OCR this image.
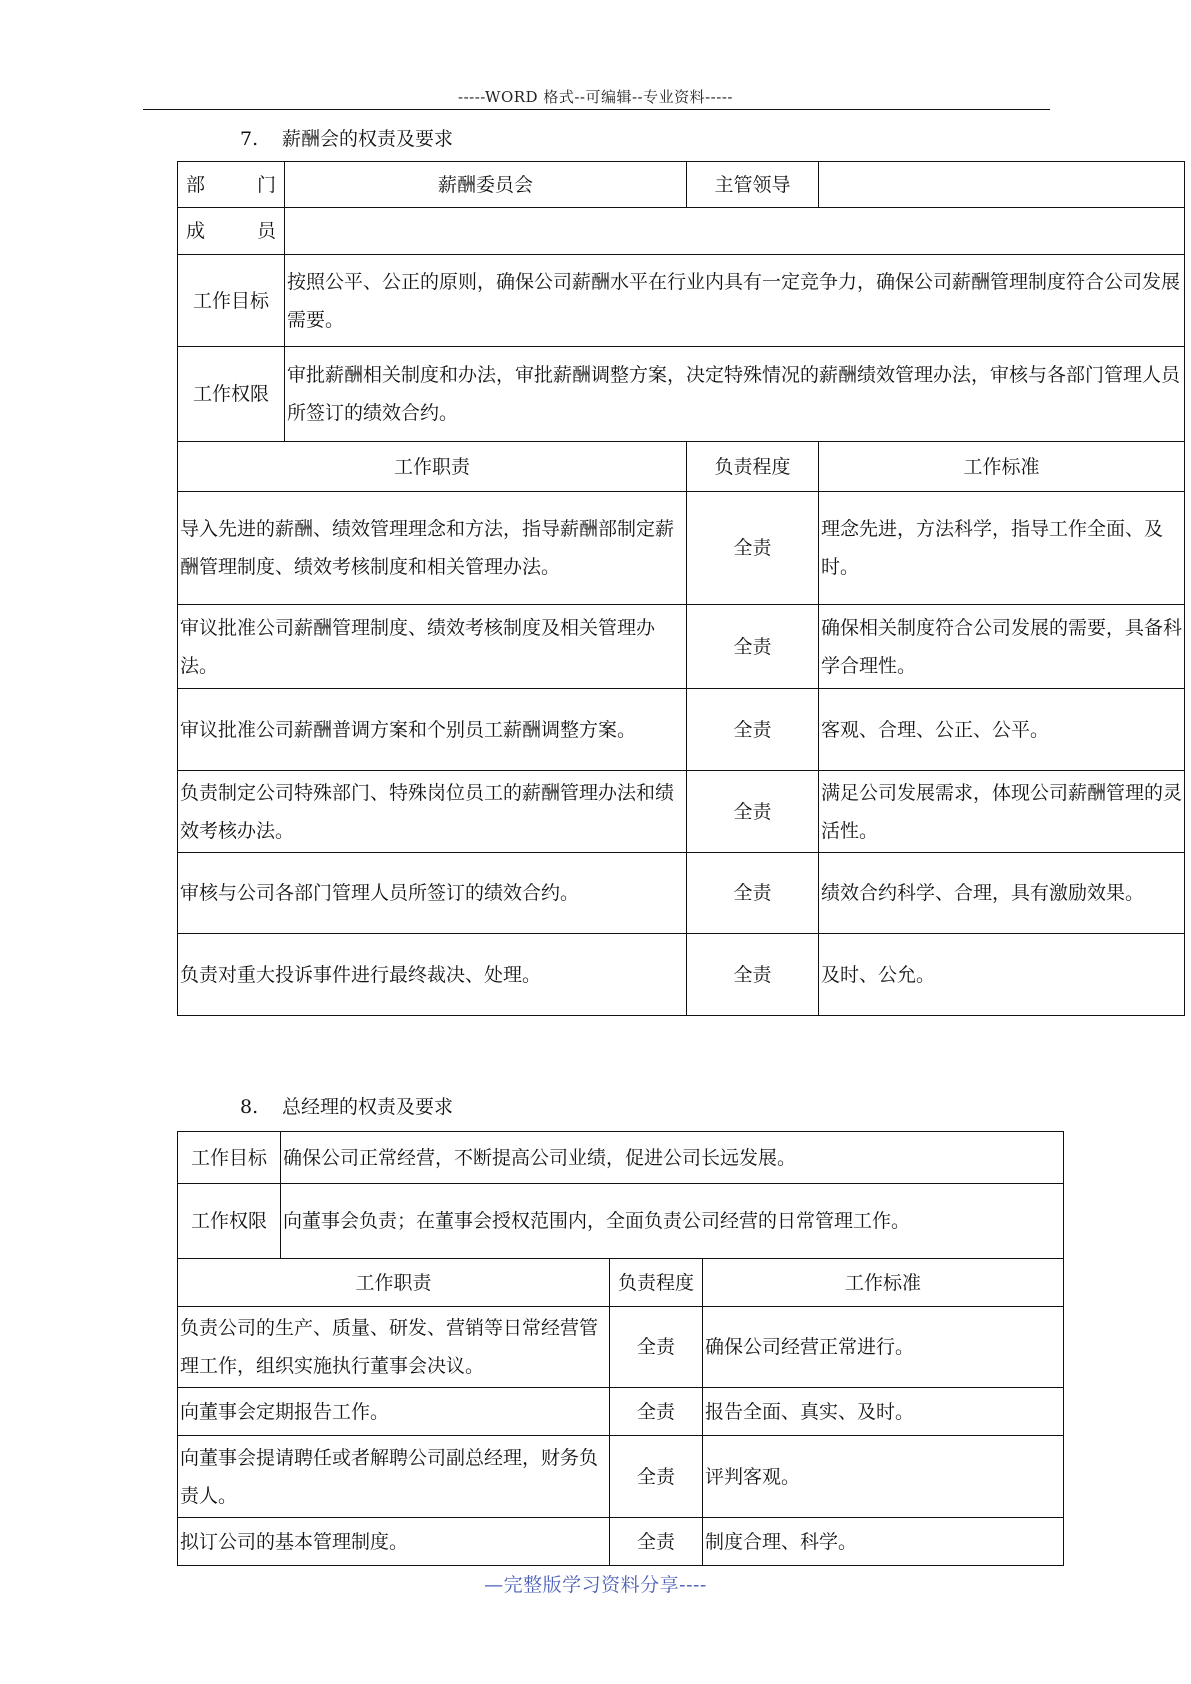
-----WORD 格式--可编辑--专业资料-----
7. 薪酬会的权责及要求
部 门	薪酬委员会	主管领导	
成 员			
工作目标	按照公平、公正的原则，确保公司薪酬水平在行业内具有一定竞争力，确保公司薪酬管理制度符合公司发展需要。		
工作权限	审批薪酬相关制度和办法，审批薪酬调整方案，决定特殊情况的薪酬绩效管理办法，审核与各部门管理人员所签订的绩效合约。		
工作职责		负责程度	工作标准
导入先进的薪酬、绩效管理理念和方法，指导薪酬部制定薪酬管理制度、绩效考核制度和相关管理办法。		全责	理念先进，方法科学，指导工作全面、及时。
审议批准公司薪酬管理制度、绩效考核制度及相关管理办法。		全责	确保相关制度符合公司发展的需要，具备科学合理性。
审议批准公司薪酬普调方案和个别员工薪酬调整方案。		全责	客观、合理、公正、公平。
负责制定公司特殊部门、特殊岗位员工的薪酬管理办法和绩效考核办法。		全责	满足公司发展需求，体现公司薪酬管理的灵活性。
审核与公司各部门管理人员所签订的绩效合约。		全责	绩效合约科学、合理，具有激励效果。
负责对重大投诉事件进行最终裁决、处理。		全责	及时、公允。
8. 总经理的权责及要求
工作目标	确保公司正常经营，不断提高公司业绩，促进公司长远发展。		
工作权限	向董事会负责；在董事会授权范围内，全面负责公司经营的日常管理工作。		
工作职责		负责程度	工作标准
负责公司的生产、质量、研发、营销等日常经营管理工作，组织实施执行董事会决议。		全责	确保公司经营正常进行。
向董事会定期报告工作。		全责	报告全面、真实、及时。
向董事会提请聘任或者解聘公司副总经理，财务负责人。		全责	评判客观。
拟订公司的基本管理制度。		全责	制度合理、科学。
—完整版学习资料分享----
